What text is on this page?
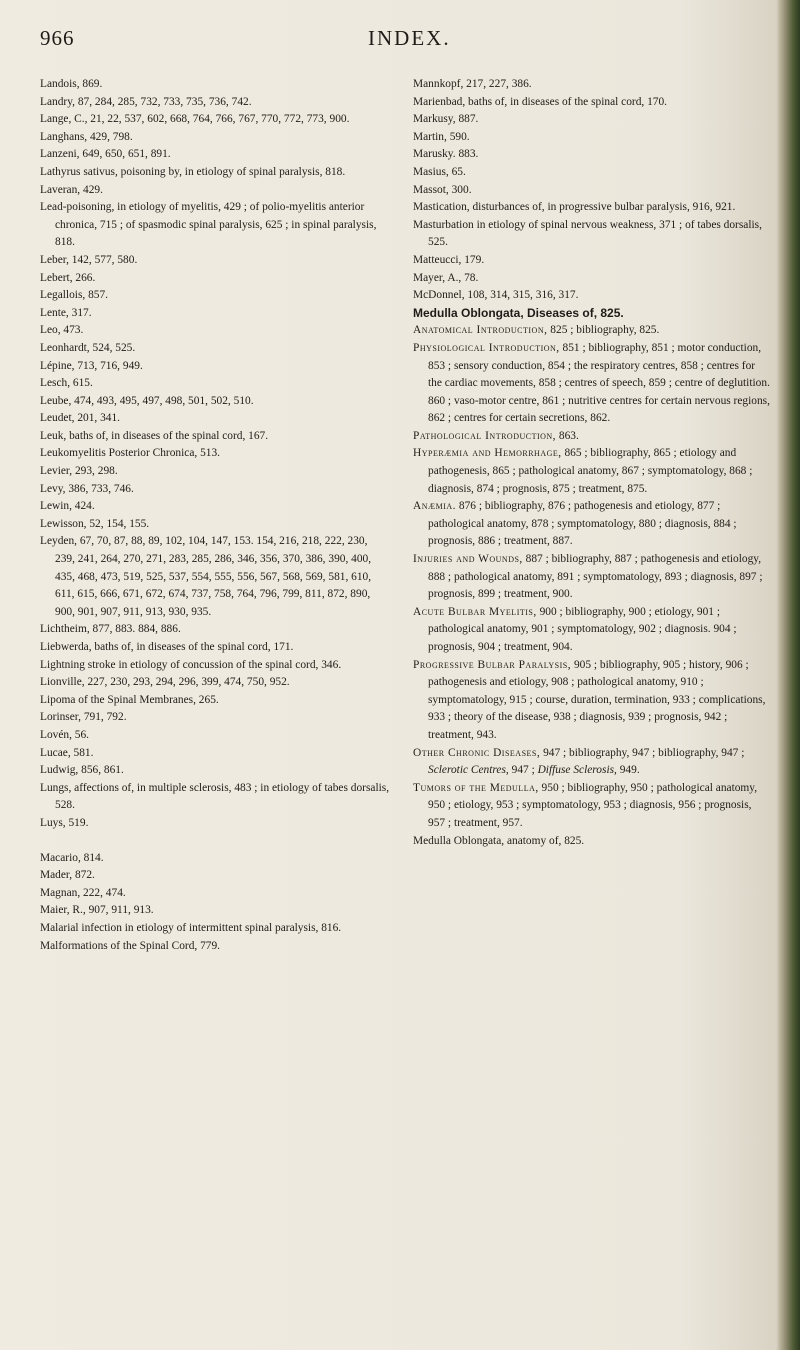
966	INDEX.

Landois, 869.

Landry, 87, 284, 285, 732, 733, 735, 736, 742.

Lange, C., 21, 22, 537, 602, 668, 764, 766, 767, 770, 772, 773, 900.

Langhans, 429, 798.

Lanzeni, 649, 650, 651, 891.

Lathyrus sativus, poisoning by, in etiology of spinal paralysis, 818.

Laveran, 429.

Lead-poisoning, in etiology of myelitis, 429 ; of polio-myelitis anterior chronica, 715 ; of spasmodic spinal paralysis, 625 ; in spinal paralysis, 818.

Leber, 142, 577, 580.

Lebert, 266.

Legallois, 857.

Lente, 317.

Leo, 473.

Leonhardt, 524, 525.

Lépine, 713, 716, 949.

Lesch, 615.

Leube, 474, 493, 495, 497, 498, 501, 502, 510.

Leudet, 201, 341.

Leuk, baths of, in diseases of the spinal cord, 167.

Leukomyelitis Posterior Chronica, 513.

Levier, 293, 298.

Levy, 386, 733, 746.

Lewin, 424.

Lewisson, 52, 154, 155.

Leyden, 67, 70, 87, 88, 89, 102, 104, 147, 153. 154, 216, 218, 222, 230, 239, 241, 264, 270, 271, 283, 285, 286, 346, 356, 370, 386, 390, 400, 435, 468, 473, 519, 525, 537, 554, 555, 556, 567, 568, 569, 581, 610, 611, 615, 666, 671, 672, 674, 737, 758, 764, 796, 799, 811, 872, 890, 900, 901, 907, 911, 913, 930, 935.

Lichtheim, 877, 883. 884, 886.

Liebwerda, baths of, in diseases of the spinal cord, 171.

Lightning stroke in etiology of concussion of the spinal cord, 346.

Lionville, 227, 230, 293, 294, 296, 399, 474, 750, 952.

Lipoma of the Spinal Membranes, 265.

Lorinser, 791, 792.

Lovén, 56.

Lucae, 581.

Ludwig, 856, 861.

Lungs, affections of, in multiple sclerosis, 483 ; in etiology of tabes dorsalis, 528.

Luys, 519.

Macario, 814.

Mader, 872.

Magnan, 222, 474.

Maier, R., 907, 911, 913.

Malarial infection in etiology of intermittent spinal paralysis, 816.

Malformations of the Spinal Cord, 779.

Mannkopf, 217, 227, 386.

Marienbad, baths of, in diseases of the spinal cord, 170.

Markusy, 887.

Martin, 590.

Marusky. 883.

Masius, 65.

Massot, 300.

Mastication, disturbances of, in progressive bulbar paralysis, 916, 921.

Masturbation in etiology of spinal nervous weakness, 371 ; of tabes dorsalis, 525.

Matteucci, 179.

Mayer, A., 78.

McDonnel, 108, 314, 315, 316, 317.

Medulla Oblongata, Diseases of, 825.

Anatomical Introduction, 825 ; bibliography, 825.

Physiological Introduction, 851 ; bibliography, 851 ; motor conduction, 853 ; sensory conduction, 854 ; the respiratory centres, 858 ; centres for the cardiac movements, 858 ; centres of speech, 859 ; centre of deglutition. 860 ; vaso-motor centre, 861 ; nutritive centres for certain nervous regions, 862 ; centres for certain secretions, 862.

Pathological Introduction, 863.

Hyperæmia and Hemorrhage, 865 ; bibliography, 865 ; etiology and pathogenesis, 865 ; pathological anatomy, 867 ; symptomatology, 868 ; diagnosis, 874 ; prognosis, 875 ; treatment, 875.

Anæmia. 876 ; bibliography, 876 ; pathogenesis and etiology, 877 ; pathological anatomy, 878 ; symptomatology, 880 ; diagnosis, 884 ; prognosis, 886 ; treatment, 887.

Injuries and Wounds, 887 ; bibliography, 887 ; pathogenesis and etiology, 888 ; pathological anatomy, 891 ; symptomatology, 893 ; diagnosis, 897 ; prognosis, 899 ; treatment, 900.

Acute Bulbar Myelitis, 900 ; bibliography, 900 ; etiology, 901 ; pathological anatomy, 901 ; symptomatology, 902 ; diagnosis. 904 ; prognosis, 904 ; treatment, 904.

Progressive Bulbar Paralysis, 905 ; bibliography, 905 ; history, 906 ; pathogenesis and etiology, 908 ; pathological anatomy, 910 ; symptomatology, 915 ; course, duration, termination, 933 ; complications, 933 ; theory of the disease, 938 ; diagnosis, 939 ; prognosis, 942 ; treatment, 943.

Other Chronic Diseases, 947 ; bibliography, 947 ; bibliography, 947 ; Sclerotic Centres, 947 ; Diffuse Sclerosis, 949.

Tumors of the Medulla, 950 ; bibliography, 950 ; pathological anatomy, 950 ; etiology, 953 ; symptomatology, 953 ; diagnosis, 956 ; prognosis, 957 ; treatment, 957.

Medulla Oblongata, anatomy of, 825.
